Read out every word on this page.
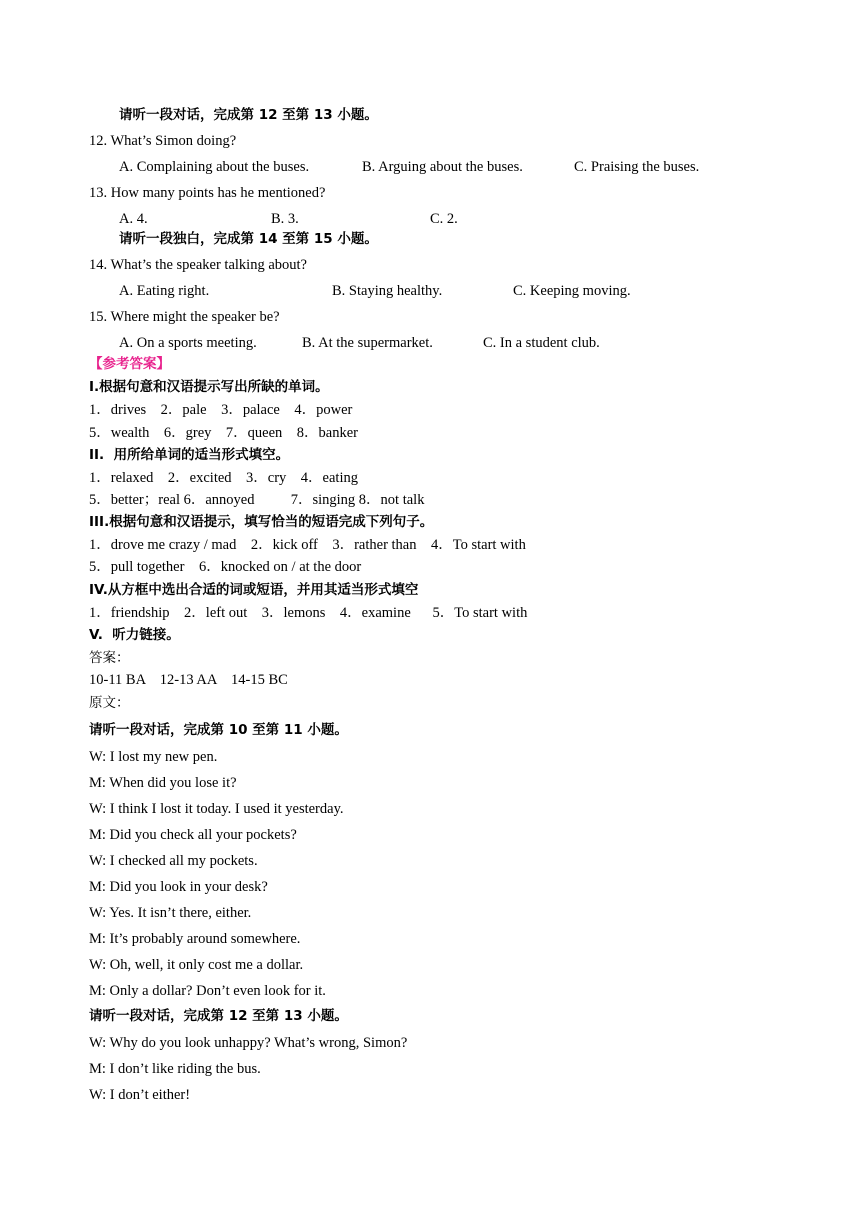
请听一段对话，完成第 12 至第 13 小题。
12. What’s Simon doing?
A. Complaining about the buses.	B. Arguing about the buses.	C. Praising the buses.
13. How many points has he mentioned?
A. 4.	B. 3.	C. 2.
请听一段独白，完成第 14 至第 15 小题。
14. What’s the speaker talking about?
A. Eating right.	B. Staying healthy.	C. Keeping moving.
15. Where might the speaker be?
A. On a sports meeting.	B. At the supermarket.	C. In a student club.
【参考答案】
I.根据句意和汉语提示写出所缺的单词。
1．drives    2．pale    3．palace    4．power
5．wealth    6．grey    7．queen    8．banker
II.  用所给单词的适当形式填空。
1．relaxed    2．excited    3．cry    4．eating
5．better；real 6．annoyed          7．singing 8．not talk
III.根据句意和汉语提示，填写恰当的短语完成下列句子。
1．drove me crazy / mad    2．kick off    3．rather than    4．To start with
5．pull together    6．knocked on / at the door
IV.从方框中选出合适的词或短语，并用其适当形式填空
1．friendship    2．left out    3．lemons    4．examine      5．To start with
V.  听力链接。
答案：
10-11 BA    12-13 AA    14-15 BC
原文：
请听一段对话，完成第 10 至第 11 小题。
W: I lost my new pen.
M: When did you lose it?
W: I think I lost it today. I used it yesterday.
M: Did you check all your pockets?
W: I checked all my pockets.
M: Did you look in your desk?
W: Yes. It isn’t there, either.
M: It’s probably around somewhere.
W: Oh, well, it only cost me a dollar.
M: Only a dollar? Don’t even look for it.
请听一段对话，完成第 12 至第 13 小题。
W: Why do you look unhappy? What’s wrong, Simon?
M: I don’t like riding the bus.
W: I don’t either!
